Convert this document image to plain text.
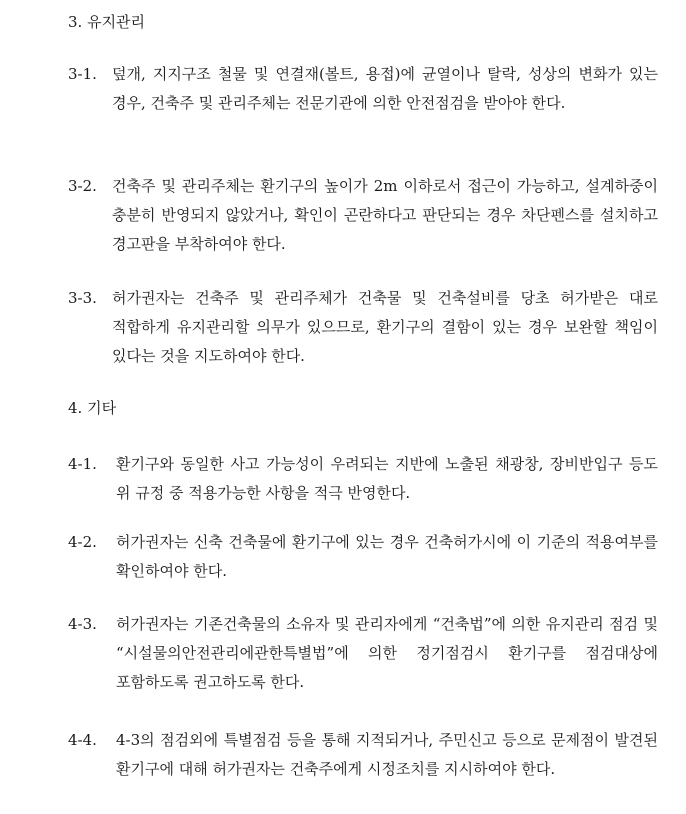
3. 유지관리
3-1. 덮개, 지지구조 철물 및 연결재(볼트, 용접)에 균열이나 탈락, 성상의 변화가 있는 경우, 건축주 및 관리주체는 전문기관에 의한 안전점검을 받아야 한다.
3-2. 건축주 및 관리주체는 환기구의 높이가 2m 이하로서 접근이 가능하고, 설계하중이 충분히 반영되지 않았거나, 확인이 곤란하다고 판단되는 경우 차단펜스를 설치하고 경고판을 부착하여야 한다.
3-3. 허가권자는 건축주 및 관리주체가 건축물 및 건축설비를 당초 허가받은 대로 적합하게 유지관리할 의무가 있으므로, 환기구의 결함이 있는 경우 보완할 책임이 있다는 것을 지도하여야 한다.
4. 기타
4-1. 환기구와 동일한 사고 가능성이 우려되는 지반에 노출된 채광창, 장비반입구 등도 위 규정 중 적용가능한 사항을 적극 반영한다.
4-2. 허가권자는 신축 건축물에 환기구에 있는 경우 건축허가시에 이 기준의 적용여부를 확인하여야 한다.
4-3. 허가권자는 기존건축물의 소유자 및 관리자에게 “건축법”에 의한 유지관리 점검 및 “시설물의안전관리에관한특별법”에 의한 정기점검시 환기구를 점검대상에 포함하도록 권고하도록 한다.
4-4. 4-3의 점검외에 특별점검 등을 통해 지적되거나, 주민신고 등으로 문제점이 발견된 환기구에 대해 허가권자는 건축주에게 시정조치를 지시하여야 한다.
